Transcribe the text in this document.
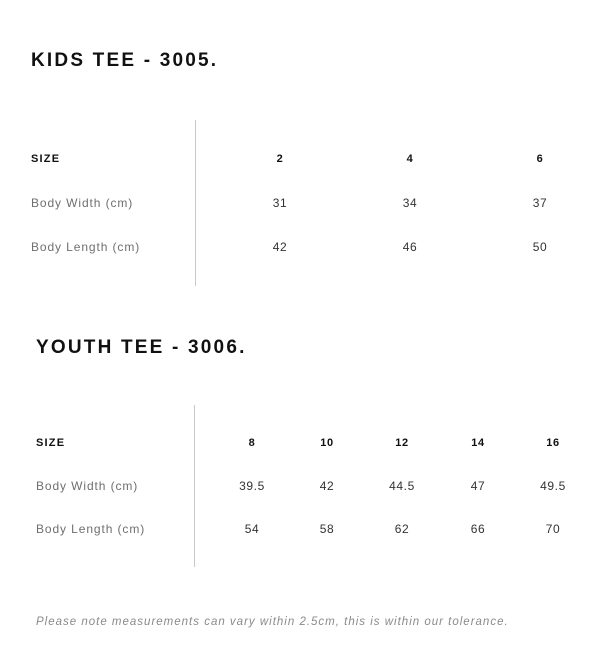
KIDS TEE - 3005.
SIZE	2	4	6
Body Width (cm)	31	34	37
Body Length (cm)	42	46	50
YOUTH TEE - 3006.
SIZE	8	10	12	14	16
Body Width (cm)	39.5	42	44.5	47	49.5
Body Length (cm)	54	58	62	66	70
Please note measurements can vary within 2.5cm, this is within our tolerance.
